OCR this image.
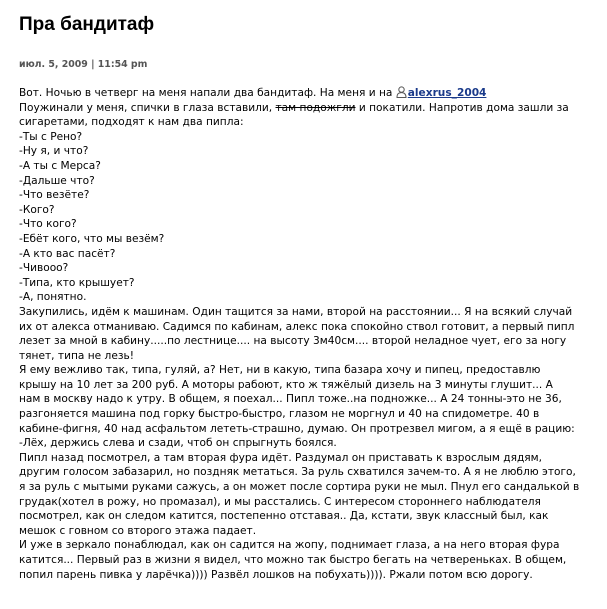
Пра бандитаф
июл. 5, 2009 | 11:54 pm
Вот. Ночью в четверг на меня напали два бандитаф. На меня и на alexrus_2004
Поужинали у меня, спички в глаза вставили, там подожгли и покатили. Напротив дома зашли за
сигаретами, подходят к нам два пипла:
-Ты с Рено?
-Ну я, и что?
-А ты с Мерса?
-Дальше что?
-Что везёте?
-Кого?
-Что кого?
-Ебёт кого, что мы везём?
-А кто вас пасёт?
-Чивооо?
-Типа, кто крышует?
-А, понятно.
Закупились, идём к машинам. Один тащится за нами, второй на расстоянии... Я на всякий случай
их от алекса отманиваю. Садимся по кабинам, алекс пока спокойно ствол готовит, а первый пипл
лезет за мной в кабину.....по лестнице.... на высоту 3м40см.... второй неладное чует, его за ногу
тянет, типа не лезь!
Я ему вежливо так, типа, гуляй, а? Нет, ни в какую, типа базара хочу и пипец, предоставлю
крышу на 10 лет за 200 руб. А моторы рабоют, кто ж тяжёлый дизель на 3 минуты глушит... А
нам в москву надо к утру. В общем, я поехал... Пипл тоже..на подножке... А 24 тонны-это не 36,
разгоняется машина под горку быстро-быстро, глазом не моргнул и 40 на спидометре. 40 в
кабине-фигня, 40 над асфальтом лететь-страшно, думаю. Он протрезвел мигом, а я ещё в рацию:
-Лёх, держись слева и сзади, чтоб он спрыгнуть боялся.
Пипл назад посмотрел, а там вторая фура идёт. Раздумал он приставать к взрослым дядям,
другим голосом забазарил, но поздняк метаться. За руль схватился зачем-то. А я не люблю этого,
я за руль с мытыми руками сажусь, а он может после сортира руки не мыл. Пнул его сандалькой в
грудак(хотел в рожу, но промазал), и мы расстались. С интересом стороннего наблюдателя
посмотрел, как он следом катится, постепенно отставая.. Да, кстати, звук классный был, как
мешок с говном со второго этажа падает.
И уже в зеркало понаблюдал, как он садится на жопу, поднимает глаза, а на него вторая фура
катится... Первый раз в жизни я видел, что можно так быстро бегать на четвереньках. В общем,
попил парень пивка у ларёчка)))) Развёл лошков на побухать)))). Ржали потом всю дорогу.
